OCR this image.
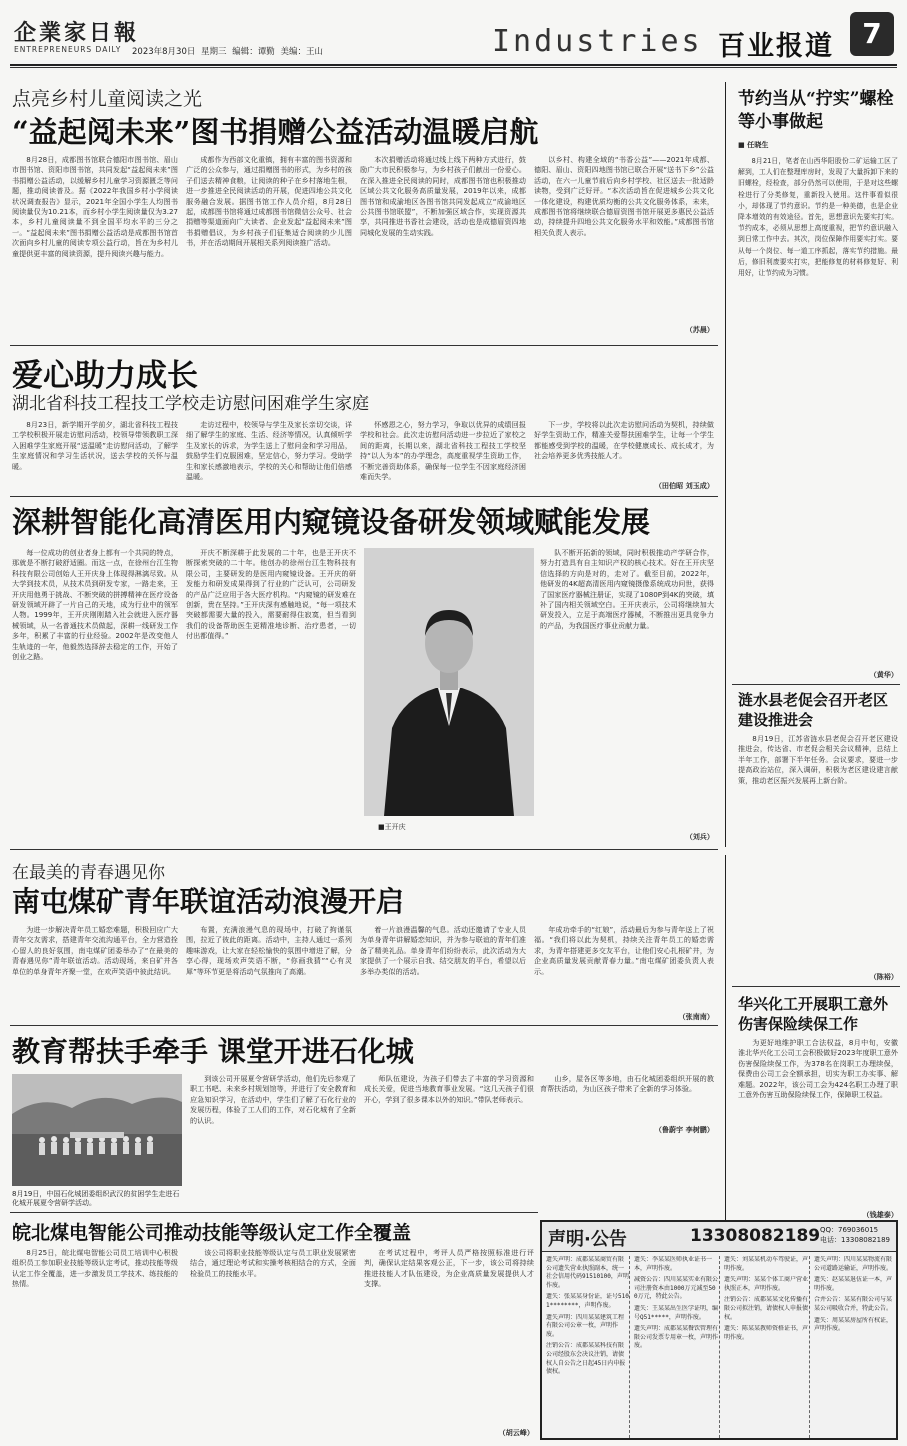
企業家日報
ENTREPRENEURS DAILY 2023年8月30日 星期三 编辑：谭勤 美编：王山	Industries 百业报道	7
点亮乡村儿童阅读之光
“益起阅未来”图书捐赠公益活动温暖启航

8月28日，成都图书馆联合德阳市图书馆、眉山市图书馆、资阳市图书馆，共同发起“益起阅未来”图书捐赠公益活动，以缓解乡村儿童学习资源匮乏等问题，推动阅读普及。据《2022年我国乡村小学阅读状况调查报告》显示，2021年全国小学生人均图书阅读量仅为10.21本，而乡村小学生阅读量仅为3.27本，乡村儿童阅读量不到全国平均水平的三分之一。“益起阅未来”图书捐赠公益活动是成都图书馆首次面向乡村儿童的阅读专项公益行动，旨在为乡村儿童提供更丰富的阅读资源，提升阅读兴趣与能力。

成都作为西部文化重镇，拥有丰富的图书资源和广泛的公众参与，通过捐赠图书的形式，为乡村的孩子们送去精神食粮，让阅读的种子在乡村落地生根，进一步推进全民阅读活动的开展，促进四地公共文化服务融合发展。据图书馆工作人员介绍，8月28日起，成都图书馆将通过成都图书馆微信公众号、社会捐赠等渠道面向广大读者、企业发起“益起阅未来”图书捐赠倡议，为乡村孩子们征集适合阅读的少儿图书，并在活动期间开展相关系列阅读推广活动。

本次捐赠活动将通过线上线下两种方式进行，鼓励广大市民积极参与，为乡村孩子们献出一份爱心。在深入推进全民阅读的同时，成都图书馆也积极推动区域公共文化服务高质量发展，2019年以来，成都图书馆和成渝地区各图书馆共同发起成立“成渝地区公共图书馆联盟”，不断加强区域合作，实现资源共享，共同推进书香社会建设，活动也是成德眉资四地同城化发展的生动实践。

以乡村、构建全域的“书香公益”——2021年成都、德阳、眉山、资阳四地图书馆已联合开展“送书下乡”公益活动，在六一儿童节前后向乡村学校、社区送去一批适龄读物，受到广泛好评。“本次活动旨在促进城乡公共文化一体化建设，构建优质均衡的公共文化服务体系，未来，成都图书馆将继续联合德眉资图书馆开展更多惠民公益活动，持续提升四地公共文化服务水平和效能。”成都图书馆相关负责人表示。

（苏晨）
爱心助力成长
湖北省科技工程技工学校走访慰问困难学生家庭

8月23日，新学期开学前夕，湖北省科技工程技工学校积极开展走访慰问活动，校领导带领教职工深入困难学生家庭开展“送温暖”走访慰问活动，了解学生家庭情况和学习生活状况，送去学校的关怀与温暖。

走访过程中，校领导与学生及家长亲切交谈，详细了解学生的家庭、生活、经济等情况，认真倾听学生及家长的诉求，为学生送上了慰问金和学习用品，鼓励学生们克服困难，坚定信心，努力学习。受助学生和家长感激地表示，学校的关心和帮助让他们倍感温暖。

怀感恩之心，努力学习，争取以优异的成绩回报学校和社会。此次走访慰问活动进一步拉近了家校之间的距离，长期以来，湖北省科技工程技工学校坚持“以人为本”的办学理念，高度重视学生资助工作，不断完善资助体系，确保每一位学生不因家庭经济困难而失学。

下一步，学校将以此次走访慰问活动为契机，持续做好学生资助工作，精准关爱帮扶困难学生，让每一个学生都能感受到学校的温暖，在学校健康成长、成长成才，为社会培养更多优秀技能人才。

（田伯昭 刘玉成）
深耕智能化高清医用内窥镜设备研发领域赋能发展

每一位成功的创业者身上都有一个共同的特点，那就是不断打破舒适圈。而这一点，在徐州台江生物科技有限公司创始人王开庆身上体现得淋漓尽致。从大学到技术员，从技术员到研发专家，一路走来，王开庆用他勇于挑战、不断突破的拼搏精神在医疗设备研发领域开辟了一片自己的天地，成为行业中的领军人物。1999年，王开庆刚刚踏入社会就进入医疗器械领域，从一名普通技术员做起，深耕一线研发工作多年，积累了丰富的行业经验。2002年是改变他人生轨迹的一年，他毅然选择辞去稳定的工作，开始了创业之路。

开庆不断深耕于此发展的二十年，也是王开庆不断探索突破的二十年。他创办的徐州台江生物科技有限公司，主要研发的是医用内窥镜设备。王开庆的研发能力和研发成果得到了行业的广泛认可，公司研发的产品广泛应用于各大医疗机构。“内窥镜的研发难在创新，贵在坚持。”王开庆深有感触地说，“每一项技术突破都需要大量的投入，需要耐得住寂寞，但当看到我们的设备帮助医生更精准地诊断、治疗患者，一切付出都值得。”

■王开庆

队不断开拓新的领域，同时积极推动产学研合作，努力打造具有自主知识产权的核心技术。好在王开庆坚信选择的方向是对的，走对了。截至目前，2022年，他研发的4K超高清医用内窥镜摄像系统成功问世，获得了国家医疗器械注册证，实现了1080P到4K的突破，填补了国内相关领域空白。王开庆表示，公司将继续加大研发投入，立足于高端医疗器械，不断推出更具竞争力的产品，为我国医疗事业贡献力量。

（刘兵）
在最美的青春遇见你
南屯煤矿青年联谊活动浪漫开启

为进一步解决青年员工婚恋难题，积极回应广大青年交友需求，搭建青年交流沟通平台，全力营造拴心留人的良好氛围，南屯煤矿团委举办了“在最美的青春遇见你”青年联谊活动。活动现场，来自矿井各单位的单身青年齐聚一堂，在欢声笑语中彼此结识。

布置，充满浪漫气息的现场中，打破了拘谨氛围，拉近了彼此的距离。活动中，主持人通过一系列趣味游戏，让大家在轻松愉快的氛围中增进了解，分享心得，现场欢声笑语不断，“你画我猜”“心有灵犀”等环节更是将活动气氛推向了高潮。

着一片浪漫温馨的气息。活动还邀请了专业人员为单身青年讲解婚恋知识，并为参与联谊的青年们准备了精美礼品。单身青年们纷纷表示，此次活动为大家提供了一个展示自我、结交朋友的平台，希望以后多举办类似的活动。

年成功牵手的“红娘”，活动最后为参与青年送上了祝福。“我们将以此为契机，持续关注青年员工的婚恋需求，为青年搭建更多交友平台，让他们安心扎根矿井，为企业高质量发展贡献青春力量。”南屯煤矿团委负责人表示。

（张南南）
教育帮扶手牵手 课堂开进石化城
8月19日，中国石化城团委组织武汉的贫困学生走进石化城开展夏令营研学活动。

到该公司开展夏令营研学活动，他们先后参观了职工书吧、未来乡村规划馆等，并进行了安全教育和应急知识学习，在活动中，学生们了解了石化行业的发展历程，体验了工人们的工作，对石化城有了全新的认识。

师队伍建设，为孩子们带去了丰富的学习资源和成长关爱，促进当地教育事业发展。“这几天孩子们很开心，学到了很多课本以外的知识。”带队老师表示。

山乡，屋各区等多地，由石化城团委组织开展的教育帮扶活动，为山区孩子带来了全新的学习体验。

（鲁蔚宇 李树鹏）
皖北煤电智能公司推动技能等级认定工作全覆盖

8月25日，皖北煤电智能公司员工培训中心积极组织员工参加职业技能等级认定考试，推动技能等级认定工作全覆盖，进一步激发员工学技术、练技能的热情。

该公司将职业技能等级认定与员工职业发展紧密结合，通过理论考试和实操考核相结合的方式，全面检验员工的技能水平。

在考试过程中，考评人员严格按照标准进行评判，确保认定结果客观公正，下一步，该公司将持续推进技能人才队伍建设，为企业高质量发展提供人才支撑。

（胡云峰）
节约当从“拧实”螺栓等小事做起
■ 任晓生

8月21日，笔者在山西华阳股份二矿运输工区了解到，工人们在整理库房时，发现了大量拆卸下来的旧螺栓，经检查，部分仍然可以使用，于是对这些螺栓进行了分类修复，重新投入使用。这件事看似很小，却体现了节约意识。节约是一种美德，也是企业降本增效的有效途径。首先，思想意识先要实打实。节约成本，必须从思想上高度重视，把节约意识融入到日常工作中去。其次，岗位保障作用要实打实。要从每一个岗位、每一道工序抓起，落实节约措施。最后，修旧利废要实打实，把能修复的材料修复好、利用好，让节约成为习惯。

（黄华）
涟水县老促会召开老区建设推进会

8月19日，江苏省涟水县老促会召开老区建设推进会，传达省、市老促会相关会议精神，总结上半年工作，部署下半年任务。会议要求，要进一步提高政治站位，深入调研，积极为老区建设建言献策，推动老区振兴发展再上新台阶。

（陈裕）
华兴化工开展职工意外伤害保险续保工作

为更好地维护职工合法权益，8月中旬，安徽淮北华兴化工公司工会积极做好2023年度职工意外伤害保险续保工作，为378名在岗职工办理续保，保费由公司工会全额承担，切实为职工办实事、解难题。2022年，该公司工会为424名职工办理了职工意外伤害互助保险续保工作，保障职工权益。

（钱雄泰）
声明·公告	13308082189 QQ：769036015
电话：13308082189
遗失声明：成都某某商贸有限公司遗失营业执照副本，统一社会信用代码91510100，声明作废。
遗失：张某某身份证，证号5101********，声明作废。
遗失声明：四川某某建筑工程有限公司公章一枚，声明作废。
注销公告：成都某某科技有限公司经股东会决议注销，请债权人自公告之日起45日内申报债权。
遗失：李某某医师执业证书一本，声明作废。
减资公告：四川某某实业有限公司注册资本由1000万元减至500万元，特此公告。
遗失：王某某出生医学证明，编号Q51*****，声明作废。
遗失声明：成都某某餐饮管理有限公司发票专用章一枚，声明作废。
遗失：刘某某机动车驾驶证，声明作废。
遗失声明：某某个体工商户营业执照正本，声明作废。
注销公告：成都某某文化传播有限公司拟注销，请债权人申报债权。
遗失：陈某某教师资格证书，声明作废。
遗失声明：四川某某物流有限公司道路运输证，声明作废。
遗失：赵某某退伍证一本，声明作废。
合并公告：某某有限公司与某某公司吸收合并，特此公告。
遗失：周某某房屋所有权证，声明作废。
